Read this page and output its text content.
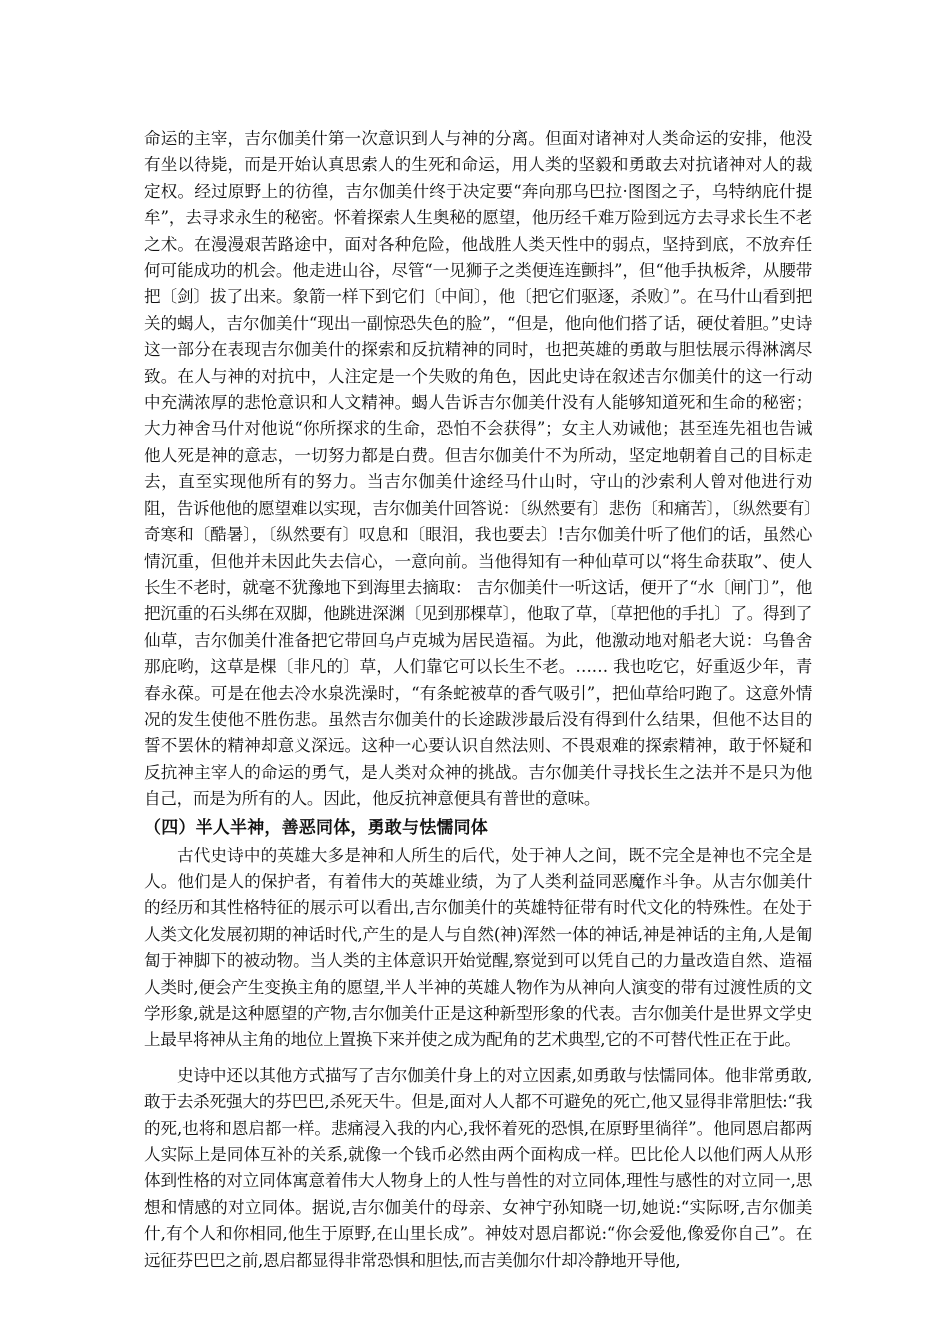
命运的主宰，吉尔伽美什第一次意识到人与神的分离。但面对诸神对人类命运的安排，他没有坐以待毙，而是开始认真思索人的生死和命运，用人类的坚毅和勇敢去对抗诸神对人的裁定权。经过原野上的彷徨，吉尔伽美什终于决定要“奔向那乌巴拉·图图之子，乌特纳庇什提牟”，去寻求永生的秘密。怀着探索人生奥秘的愿望，他历经千难万险到远方去寻求长生不老之术。在漫漫艰苦路途中，面对各种危险，他战胜人类天性中的弱点，坚持到底，不放弃任何可能成功的机会。他走进山谷，尽管“一见狮子之类便连连颤抖”，但“他手执板斧，从腰带把〔剑〕拔了出来。象箭一样下到它们〔中间〕，他〔把它们驱逐，杀败〕”。在马什山看到把关的蝎人，吉尔伽美什“现出一副惊恐失色的脸”，“但是，他向他们搭了话，硬仗着胆。”史诗这一部分在表现吉尔伽美什的探索和反抗精神的同时，也把英雄的勇敢与胆怯展示得淋漓尽致。在人与神的对抗中，人注定是一个失败的角色，因此史诗在叙述吉尔伽美什的这一行动中充满浓厚的悲怆意识和人文精神。蝎人告诉吉尔伽美什没有人能够知道死和生命的秘密；大力神舍马什对他说“你所探求的生命，恐怕不会获得”；女主人劝诫他；甚至连先祖也告诫他人死是神的意志，一切努力都是白费。但吉尔伽美什不为所动，坚定地朝着自己的目标走去，直至实现他所有的努力。当吉尔伽美什途经马什山时，守山的沙索利人曾对他进行劝阻，告诉他他的愿望难以实现，吉尔伽美什回答说：〔纵然要有〕悲伤〔和痛苦〕，〔纵然要有〕奇寒和〔酷暑〕，〔纵然要有〕叹息和〔眼泪，我也要去〕!吉尔伽美什听了他们的话，虽然心情沉重，但他并未因此失去信心，一意向前。当他得知有一种仙草可以“将生命获取”、使人长生不老时，就毫不犹豫地下到海里去摘取： 吉尔伽美什一听这话，便开了“水〔闸门〕”，他把沉重的石头绑在双脚，他跳进深渊〔见到那棵草〕，他取了草，〔草把他的手扎〕了。得到了仙草，吉尔伽美什准备把它带回乌卢克城为居民造福。为此，他激动地对船老大说：乌鲁舍那庇哟，这草是棵〔非凡的〕草，人们靠它可以长生不老。…… 我也吃它，好重返少年，青春永葆。可是在他去冷水泉洗澡时，“有条蛇被草的香气吸引”，把仙草给叼跑了。这意外情况的发生使他不胜伤悲。虽然吉尔伽美什的长途跋涉最后没有得到什么结果，但他不达目的誓不罢休的精神却意义深远。这种一心要认识自然法则、不畏艰难的探索精神，敢于怀疑和反抗神主宰人的命运的勇气，是人类对众神的挑战。吉尔伽美什寻找长生之法并不是只为他自己，而是为所有的人。因此，他反抗神意便具有普世的意味。

（四）半人半神，善恶同体，勇敢与怯懦同体

古代史诗中的英雄大多是神和人所生的后代，处于神人之间，既不完全是神也不完全是人。他们是人的保护者，有着伟大的英雄业绩，为了人类利益同恶魔作斗争。从吉尔伽美什的经历和其性格特征的展示可以看出,吉尔伽美什的英雄特征带有时代文化的特殊性。在处于人类文化发展初期的神话时代,产生的是人与自然(神)浑然一体的神话,神是神话的主角,人是匍匐于神脚下的被动物。当人类的主体意识开始觉醒,察觉到可以凭自己的力量改造自然、造福人类时,便会产生变换主角的愿望,半人半神的英雄人物作为从神向人演变的带有过渡性质的文学形象,就是这种愿望的产物,吉尔伽美什正是这种新型形象的代表。吉尔伽美什是世界文学史上最早将神从主角的地位上置换下来并使之成为配角的艺术典型,它的不可替代性正在于此。

史诗中还以其他方式描写了吉尔伽美什身上的对立因素,如勇敢与怯懦同体。他非常勇敢,敢于去杀死强大的芬巴巴,杀死天牛。但是,面对人人都不可避免的死亡,他又显得非常胆怯:“我的死,也将和恩启都一样。悲痛浸入我的内心,我怀着死的恐惧,在原野里徜徉”。他同恩启都两人实际上是同体互补的关系,就像一个钱币必然由两个面构成一样。巴比伦人以他们两人从形体到性格的对立同体寓意着伟大人物身上的人性与兽性的对立同体,理性与感性的对立同一,思想和情感的对立同体。据说,吉尔伽美什的母亲、女神宁孙知晓一切,她说:“实际呀,吉尔伽美什,有个人和你相同,他生于原野,在山里长成”。神妓对恩启都说:“你会爱他,像爱你自己”。在远征芬巴巴之前,恩启都显得非常恐惧和胆怯,而吉美伽尔什却冷静地开导他,
